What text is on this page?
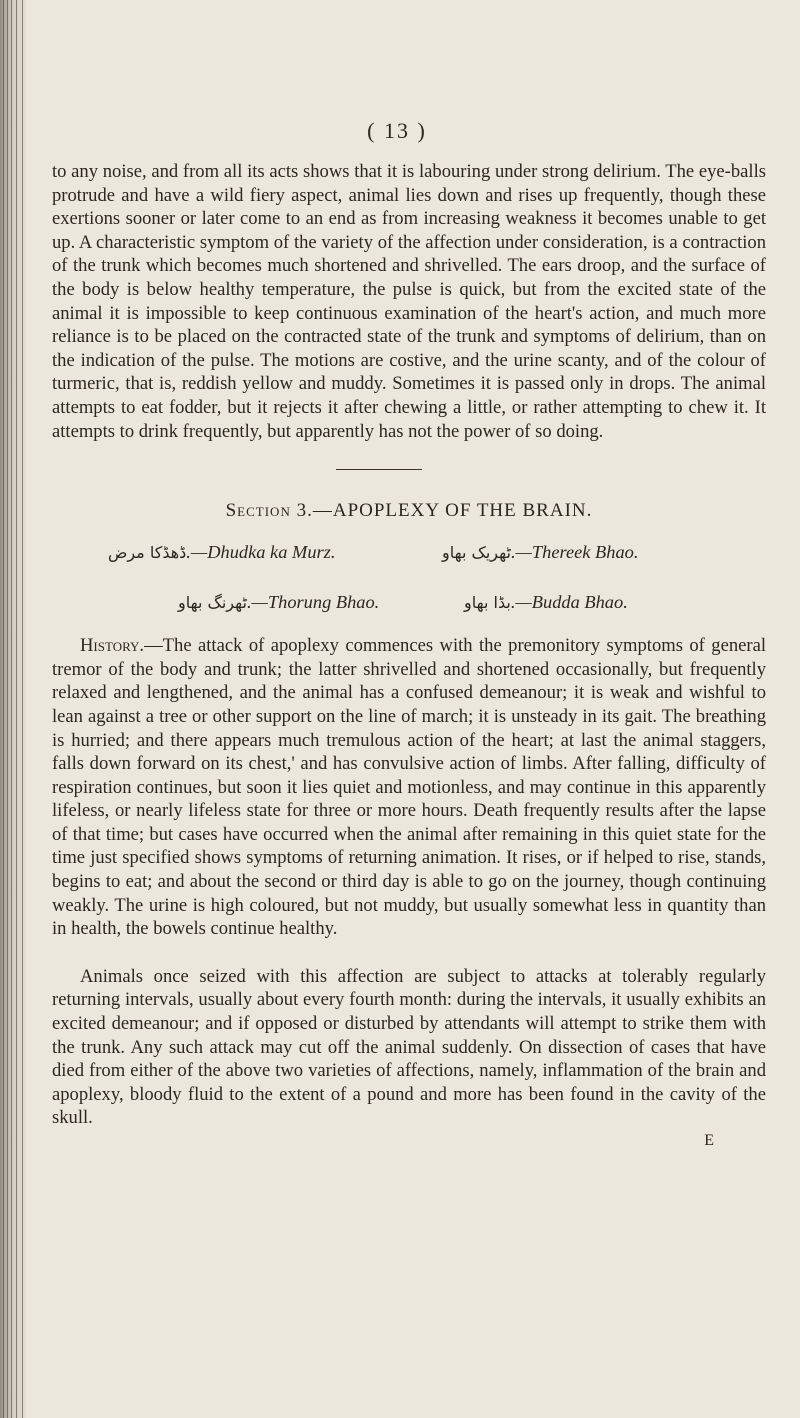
( 13 )

to any noise, and from all its acts shows that it is labouring under strong delirium. The eye-balls protrude and have a wild fiery aspect, animal lies down and rises up frequently, though these exertions sooner or later come to an end as from increasing weakness it becomes unable to get up. A characteristic symptom of the variety of the affection under consideration, is a contraction of the trunk which becomes much shortened and shrivelled. The ears droop, and the surface of the body is below healthy temperature, the pulse is quick, but from the excited state of the animal it is impossible to keep continuous examination of the heart's action, and much more reliance is to be placed on the contracted state of the trunk and symptoms of delirium, than on the indication of the pulse. The motions are costive, and the urine scanty, and of the colour of turmeric, that is, reddish yellow and muddy. Sometimes it is passed only in drops. The animal attempts to eat fodder, but it rejects it after chewing a little, or rather attempting to chew it. It attempts to drink frequently, but apparently has not the power of so doing.

Section 3.—APOPLEXY OF THE BRAIN.
ڈھڈکا مرض.—Dhudka ka Murz.	ٹھریک بھاو.—Thereek Bhao.
ٹھرنگ بھاو.—Thorung Bhao.	بڈا بھاو.—Budda Bhao.

History.—The attack of apoplexy commences with the premonitory symptoms of general tremor of the body and trunk; the latter shrivelled and shortened occasionally, but frequently relaxed and lengthened, and the animal has a confused demeanour; it is weak and wishful to lean against a tree or other support on the line of march; it is unsteady in its gait. The breathing is hurried; and there appears much tremulous action of the heart; at last the animal staggers, falls down forward on its chest,' and has convulsive action of limbs. After falling, difficulty of respiration continues, but soon it lies quiet and motionless, and may continue in this apparently lifeless, or nearly lifeless state for three or more hours. Death frequently results after the lapse of that time; but cases have occurred when the animal after remaining in this quiet state for the time just specified shows symptoms of returning animation. It rises, or if helped to rise, stands, begins to eat; and about the second or third day is able to go on the journey, though continuing weakly. The urine is high coloured, but not muddy, but usually somewhat less in quantity than in health, the bowels continue healthy.

Animals once seized with this affection are subject to attacks at tolerably regularly returning intervals, usually about every fourth month: during the intervals, it usually exhibits an excited demeanour; and if opposed or disturbed by attendants will attempt to strike them with the trunk. Any such attack may cut off the animal suddenly. On dissection of cases that have died from either of the above two varieties of affections, namely, inflammation of the brain and apoplexy, bloody fluid to the extent of a pound and more has been found in the cavity of the skull.

E
